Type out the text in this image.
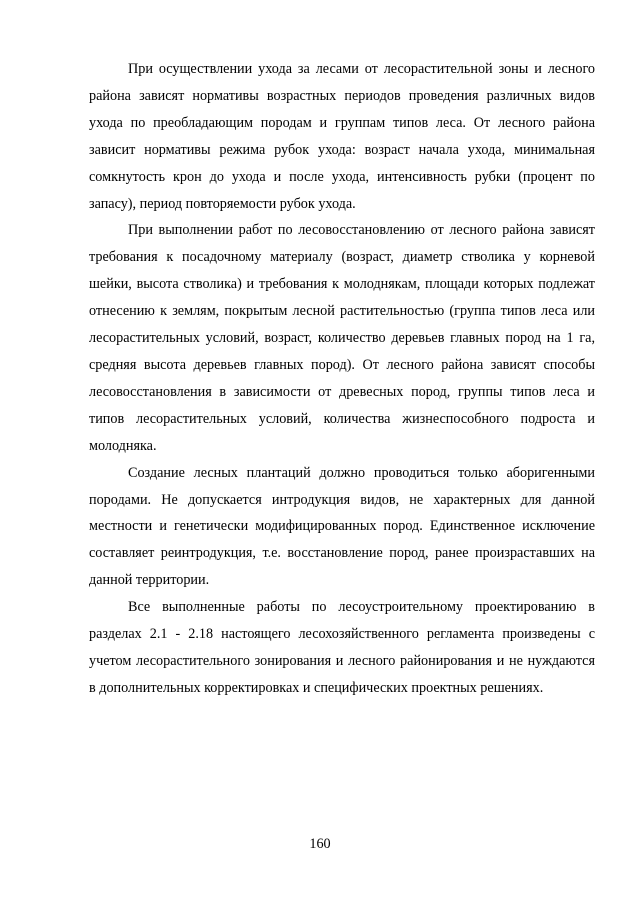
При осуществлении ухода за лесами от лесорастительной зоны и лесного района зависят нормативы возрастных периодов проведения различных видов ухода по преобладающим породам и группам типов леса. От лесного района зависит нормативы режима рубок ухода: возраст начала ухода, минимальная сомкнутость крон до ухода и после ухода, интенсивность рубки (процент по запасу), период повторяемости рубок ухода.

При выполнении работ по лесовосстановлению от лесного района зависят требования к посадочному материалу (возраст, диаметр стволика у корневой шейки, высота стволика) и требования к молоднякам, площади которых подлежат отнесению к землям, покрытым лесной растительностью (группа типов леса или лесорастительных условий, возраст, количество деревьев главных пород на 1 га, средняя высота деревьев главных пород). От лесного района зависят способы лесовосстановления в зависимости от древесных пород, группы типов леса и типов лесорастительных условий, количества жизнеспособного подроста и молодняка.

Создание лесных плантаций должно проводиться только аборигенными породами. Не допускается интродукция видов, не характерных для данной местности и генетически модифицированных пород. Единственное исключение составляет реинтродукция, т.е. восстановление пород, ранее произраставших на данной территории.

Все выполненные работы по лесоустроительному проектированию в разделах 2.1 - 2.18 настоящего лесохозяйственного регламента произведены с учетом лесорастительного зонирования и лесного районирования и не нуждаются в дополнительных корректировках и специфических проектных решениях.

160
